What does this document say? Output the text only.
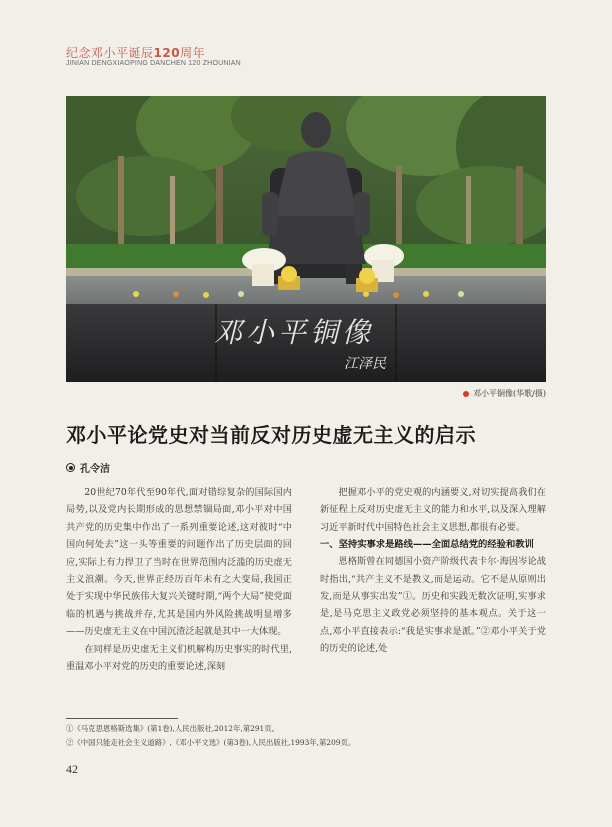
纪念邓小平诞辰120周年
JINIAN DENGXIAOPING DANCHEN 120 ZHOUNIAN
邓小平铜像
江泽民
邓小平铜像(华歌/摄)
邓小平论党史对当前反对历史虚无主义的启示
孔令洁

20世纪70年代至90年代,面对错综复杂的国际国内局势,以及党内长期形成的思想禁锢局面,邓小平对中国共产党的历史集中作出了一系列重要论述,这对彼时“中国向何处去”这一头等重要的问题作出了历史层面的回应,实际上有力捍卫了当时在世界范围内泛滥的历史虚无主义浪潮。今天,世界正经历百年未有之大变局,我国正处于实现中华民族伟大复兴关键时期,“两个大局”使党面临的机遇与挑战并存,尤其是国内外风险挑战明显增多——历史虚无主义在中国沉渣泛起就是其中一大体现。

在同样是历史虚无主义们机解构历史事实的时代里,重温邓小平对党的历史的重要论述,深刻

把握邓小平的党史观的内涵要义,对切实提高我们在新征程上反对历史虚无主义的能力和水平,以及深入理解习近平新时代中国特色社会主义思想,都很有必要。

一、坚持实事求是路线——全面总结党的经验和教训

恩格斯曾在同德国小资产阶级代表卡尔·海因岑论战时指出,“共产主义不是教义,而是运动。它不是从原则出发,而是从事实出发”①。历史和实践无数次证明,实事求是,是马克思主义政党必须坚持的基本观点。关于这一点,邓小平直接表示:“我是实事求是派。”②邓小平关于党的历史的论述,处

①《马克思恩格斯选集》(第1卷),人民出版社,2012年,第291页。
②《中国只能走社会主义道路》,《邓小平文选》(第3卷),人民出版社,1993年,第209页。
42
